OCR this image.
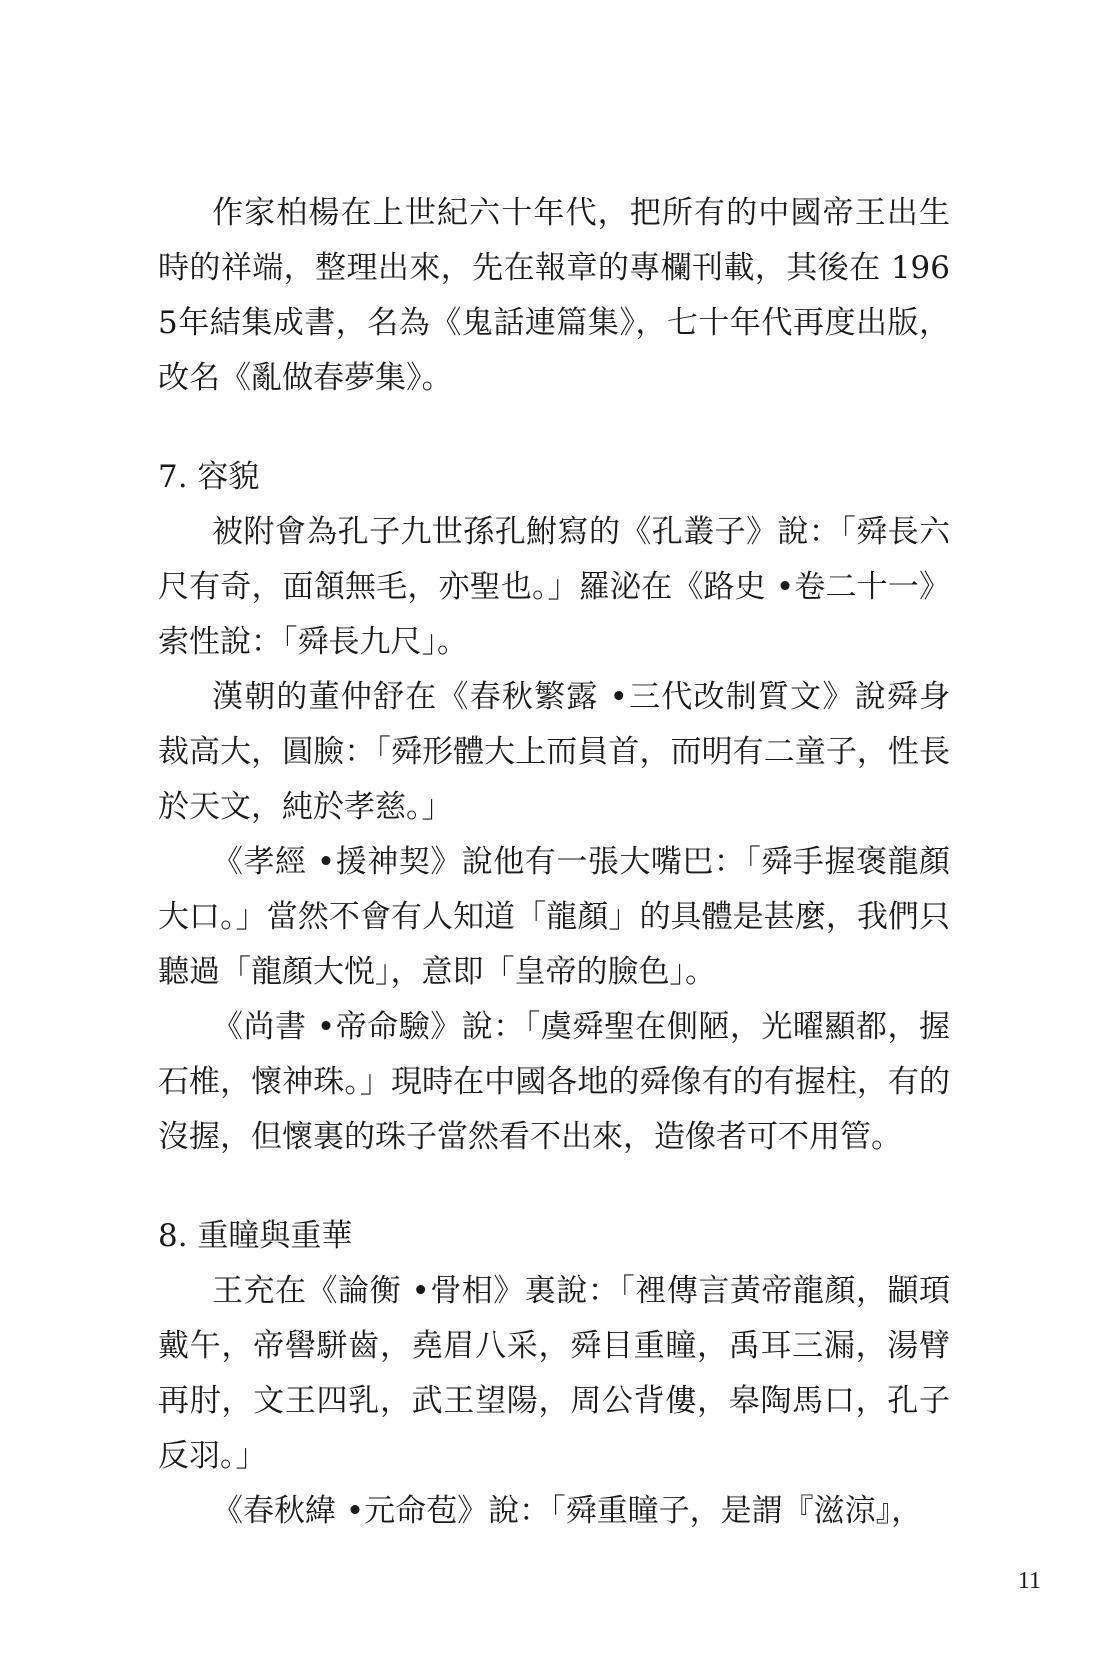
作家柏楊在上世紀六十年代，把所有的中國帝王出生時的祥端，整理出來，先在報章的專欄刊載，其後在 1965年結集成書，名為《鬼話連篇集》，七十年代再度出版，改名《亂做春夢集》。

7. 容貌

被附會為孔子九世孫孔鮒寫的《孔叢子》說：「舜長六尺有奇，面頷無毛，亦聖也。」羅泌在《路史 •卷二十一》索性說：「舜長九尺」。

漢朝的董仲舒在《春秋繁露 •三代改制質文》說舜身裁高大，圓臉：「舜形體大上而員首，而明有二童子，性長於天文，純於孝慈。」

《孝經 •援神契》說他有一張大嘴巴：「舜手握褒龍顏大口。」當然不會有人知道「龍顏」的具體是甚麼，我們只聽過「龍顏大悦」，意即「皇帝的臉色」。

《尚書 •帝命驗》說：「虞舜聖在側陋，光曜顯都，握石椎，懷神珠。」現時在中國各地的舜像有的有握柱，有的沒握，但懷裏的珠子當然看不出來，造像者可不用管。

8. 重瞳與重華

王充在《論衡 •骨相》裏說：「裡傳言黃帝龍顏，顓頊戴午，帝嚳駢齒，堯眉八采，舜目重瞳，禹耳三漏，湯臂再肘，文王四乳，武王望陽，周公背僂，皋陶馬口，孔子反羽。」

《春秋緯 •元命苞》說：「舜重瞳子，是謂『滋涼』，

11
